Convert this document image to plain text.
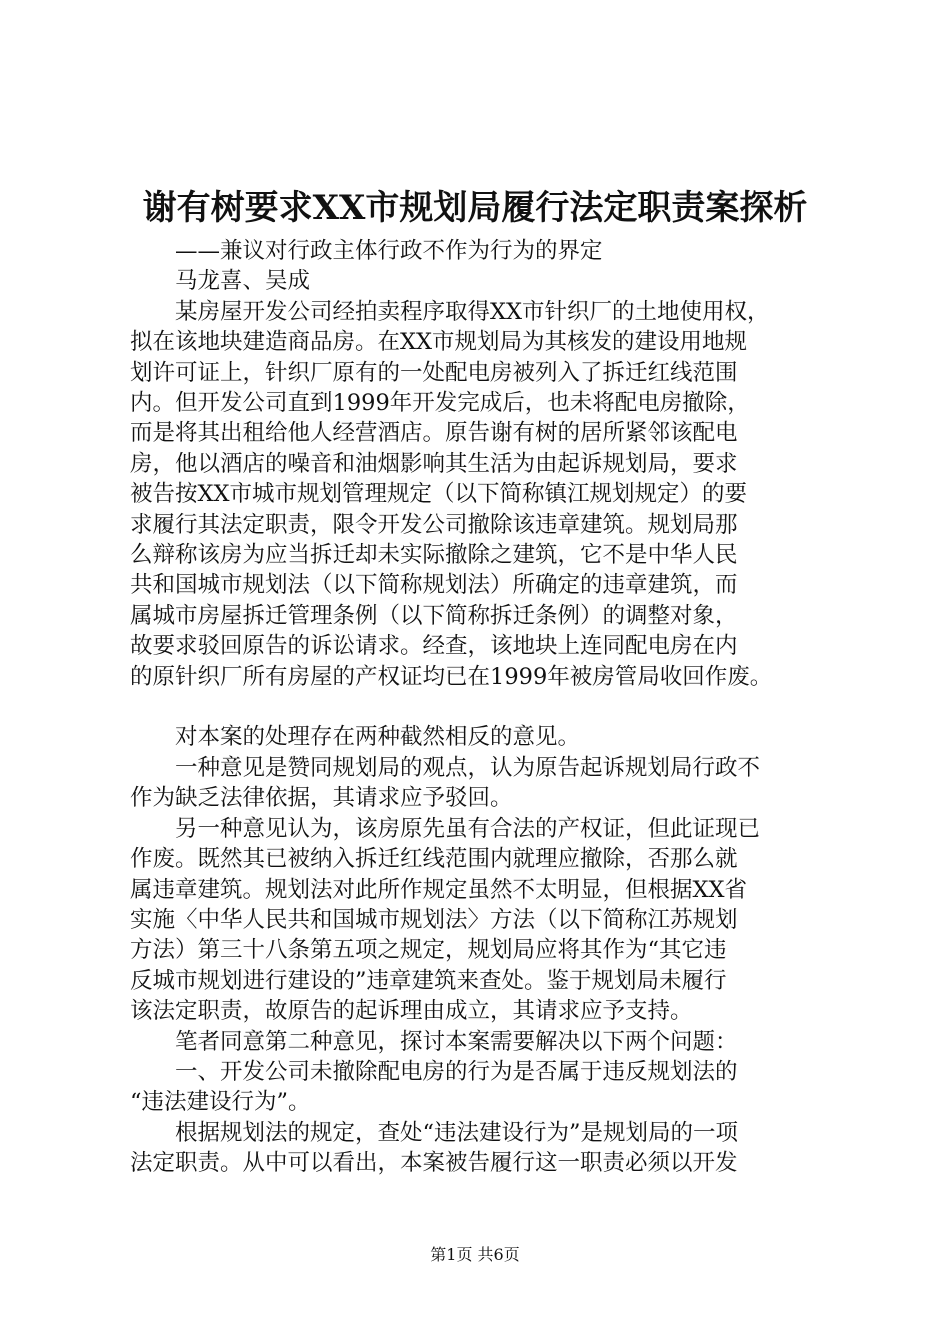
谢有树要求XX市规划局履行法定职责案探析
——兼议对行政主体行政不作为行为的界定
马龙喜、吴成
某房屋开发公司经拍卖程序取得XX市针织厂的土地使用权，
拟在该地块建造商品房。在XX市规划局为其核发的建设用地规
划许可证上，针织厂原有的一处配电房被列入了拆迁红线范围
内。但开发公司直到1999年开发完成后，也未将配电房撤除，
而是将其出租给他人经营酒店。原告谢有树的居所紧邻该配电
房，他以酒店的噪音和油烟影响其生活为由起诉规划局，要求
被告按XX市城市规划管理规定（以下简称镇江规划规定）的要
求履行其法定职责，限令开发公司撤除该违章建筑。规划局那
么辩称该房为应当拆迁却未实际撤除之建筑，它不是中华人民
共和国城市规划法（以下简称规划法）所确定的违章建筑，而
属城市房屋拆迁管理条例（以下简称拆迁条例）的调整对象，
故要求驳回原告的诉讼请求。经查，该地块上连同配电房在内
的原针织厂所有房屋的产权证均已在1999年被房管局收回作废。
对本案的处理存在两种截然相反的意见。
一种意见是赞同规划局的观点，认为原告起诉规划局行政不
作为缺乏法律依据，其请求应予驳回。
另一种意见认为，该房原先虽有合法的产权证，但此证现已
作废。既然其已被纳入拆迁红线范围内就理应撤除，否那么就
属违章建筑。规划法对此所作规定虽然不太明显，但根据XX省
实施〈中华人民共和国城市规划法〉方法（以下简称江苏规划
方法）第三十八条第五项之规定，规划局应将其作为“其它违
反城市规划进行建设的”违章建筑来查处。鉴于规划局未履行
该法定职责，故原告的起诉理由成立，其请求应予支持。
笔者同意第二种意见，探讨本案需要解决以下两个问题：
一、开发公司未撤除配电房的行为是否属于违反规划法的
“违法建设行为”。
根据规划法的规定，查处“违法建设行为”是规划局的一项
法定职责。从中可以看出，本案被告履行这一职责必须以开发
第1页 共6页
